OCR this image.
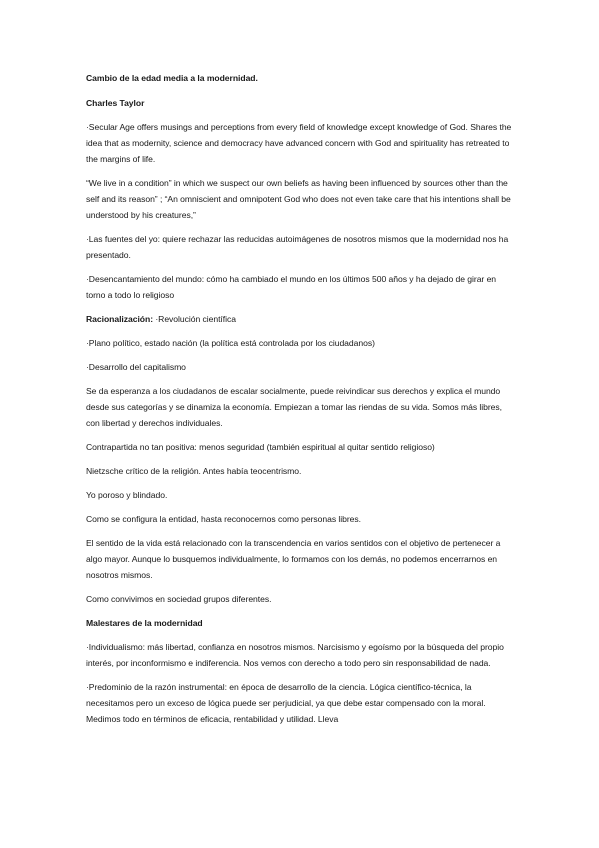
Cambio de la edad media a la modernidad.

Charles Taylor

·Secular Age offers musings and perceptions from every field of knowledge except knowledge of God. Shares the idea that as modernity, science and democracy have advanced concern with God and spirituality has retreated to the margins of life.

“We live in a condition” in which we suspect our own beliefs as having been influenced by sources other than the self and its reason” ; “An omniscient and omnipotent God who does not even take care that his intentions shall be understood by his creatures,”

·Las fuentes del yo: quiere rechazar las reducidas autoimágenes de nosotros mismos que la modernidad nos ha presentado.

·Desencantamiento del mundo: cómo ha cambiado el mundo en los últimos 500 años y ha dejado de girar en torno a todo lo religioso

Racionalización: ·Revolución científica

·Plano político, estado nación (la política está controlada por los ciudadanos)

·Desarrollo del capitalismo

Se da esperanza a los ciudadanos de escalar socialmente, puede reivindicar sus derechos y explica el mundo desde sus categorías y se dinamiza la economía. Empiezan a tomar las riendas de su vida. Somos más libres, con libertad y derechos individuales.

Contrapartida no tan positiva: menos seguridad (también espiritual al quitar sentido religioso)

Nietzsche crítico de la religión. Antes había teocentrismo.

Yo poroso y blindado.

Como se configura la entidad, hasta reconocernos como personas libres.

El sentido de la vida está relacionado con la transcendencia en varios sentidos con el objetivo de pertenecer a algo mayor. Aunque lo busquemos individualmente, lo formamos con los demás, no podemos encerrarnos en nosotros mismos.

Como convivimos en sociedad grupos diferentes.

Malestares de la modernidad

·Individualismo: más libertad, confianza en nosotros mismos. Narcisismo y egoísmo por la búsqueda del propio interés, por inconformismo e indiferencia. Nos vemos con derecho a todo pero sin responsabilidad de nada.

·Predominio de la razón instrumental: en época de desarrollo de la ciencia. Lógica científico-técnica, la necesitamos pero un exceso de lógica puede ser perjudicial, ya que debe estar compensado con la moral. Medimos todo en términos de eficacia, rentabilidad y utilidad. Lleva
